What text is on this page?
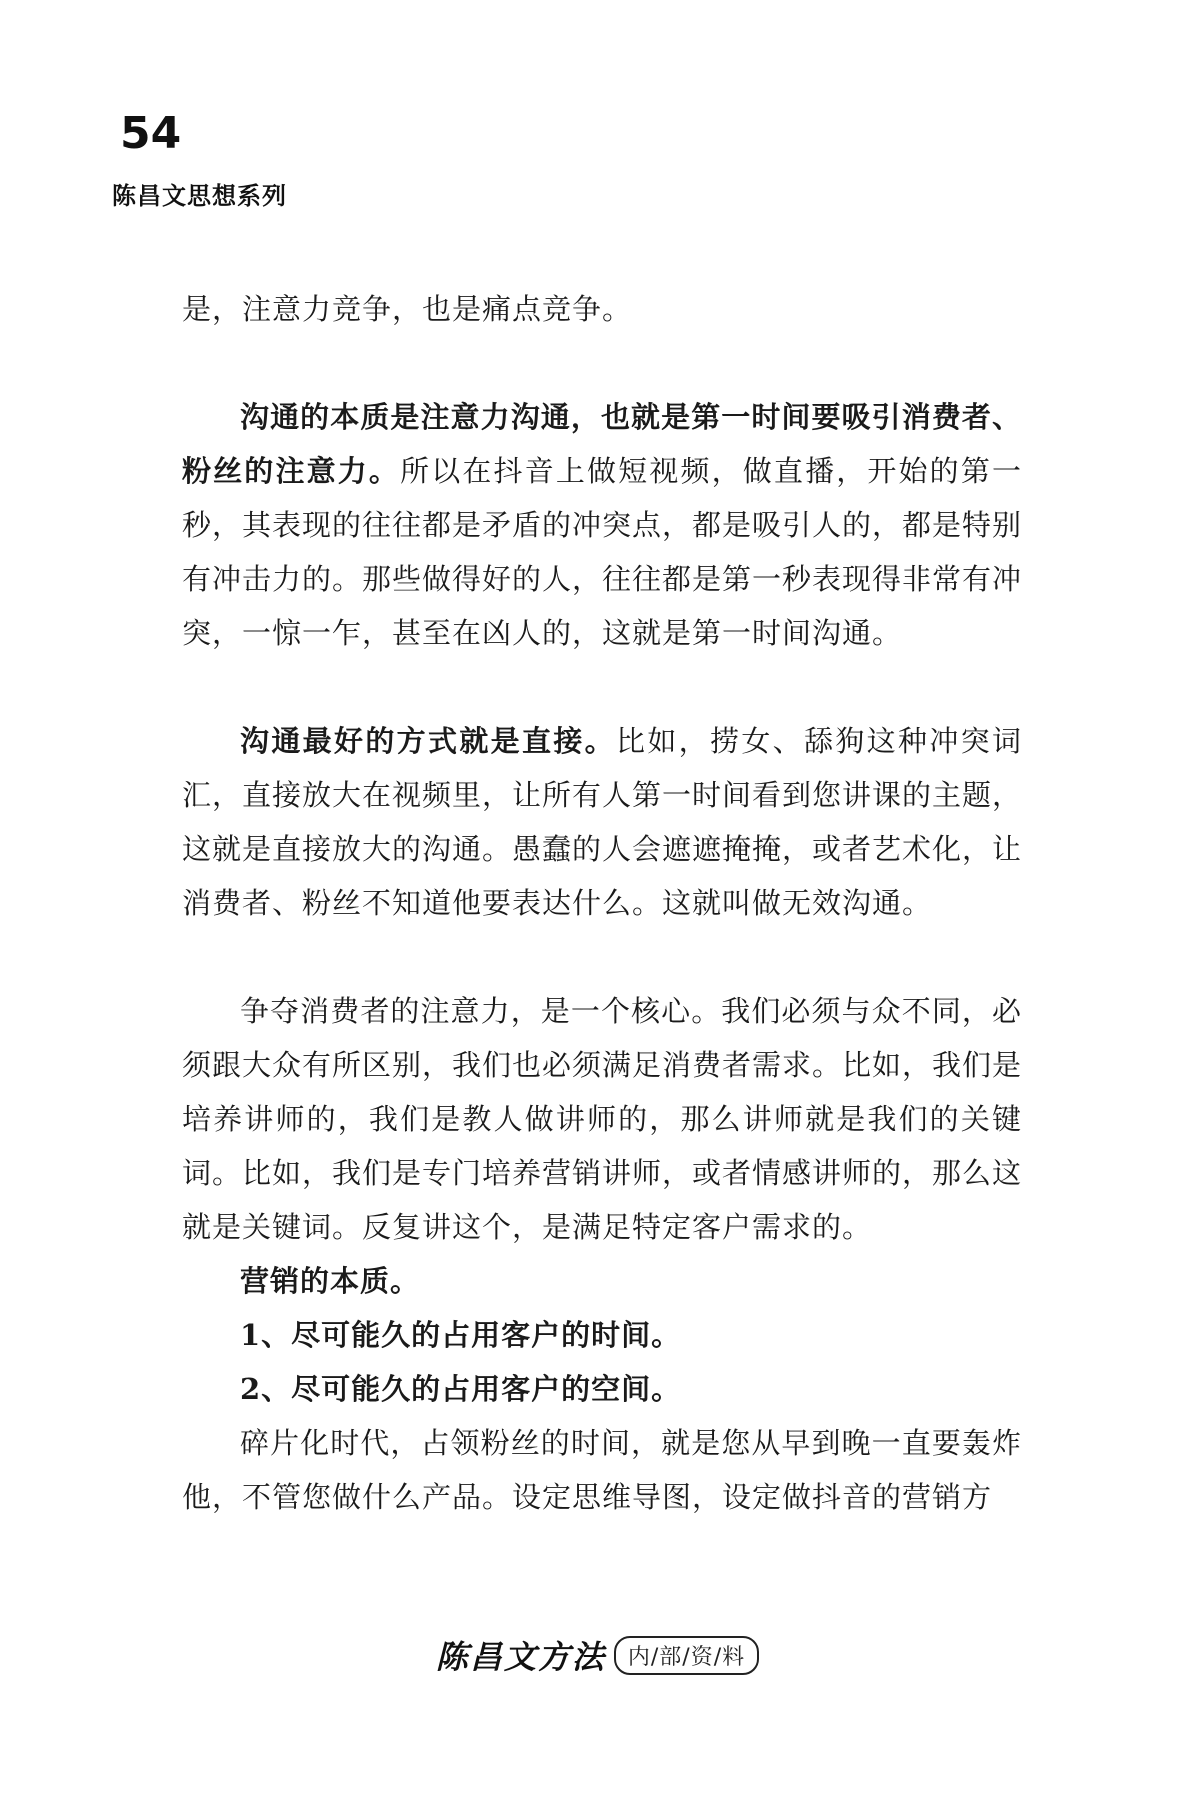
54
陈昌文思想系列

是，注意力竞争，也是痛点竞争。

沟通的本质是注意力沟通，也就是第一时间要吸引消费者、粉丝的注意力。所以在抖音上做短视频，做直播，开始的第一秒，其表现的往往都是矛盾的冲突点，都是吸引人的，都是特别有冲击力的。那些做得好的人，往往都是第一秒表现得非常有冲突，一惊一乍，甚至在凶人的，这就是第一时间沟通。

沟通最好的方式就是直接。比如，捞女、舔狗这种冲突词汇，直接放大在视频里，让所有人第一时间看到您讲课的主题，这就是直接放大的沟通。愚蠢的人会遮遮掩掩，或者艺术化，让消费者、粉丝不知道他要表达什么。这就叫做无效沟通。

争夺消费者的注意力，是一个核心。我们必须与众不同，必须跟大众有所区别，我们也必须满足消费者需求。比如，我们是培养讲师的，我们是教人做讲师的，那么讲师就是我们的关键词。比如，我们是专门培养营销讲师，或者情感讲师的，那么这就是关键词。反复讲这个，是满足特定客户需求的。

营销的本质。

1、尽可能久的占用客户的时间。

2、尽可能久的占用客户的空间。

碎片化时代，占领粉丝的时间，就是您从早到晚一直要轰炸他，不管您做什么产品。设定思维导图，设定做抖音的营销方

陈昌文方法	内/部/资/料
